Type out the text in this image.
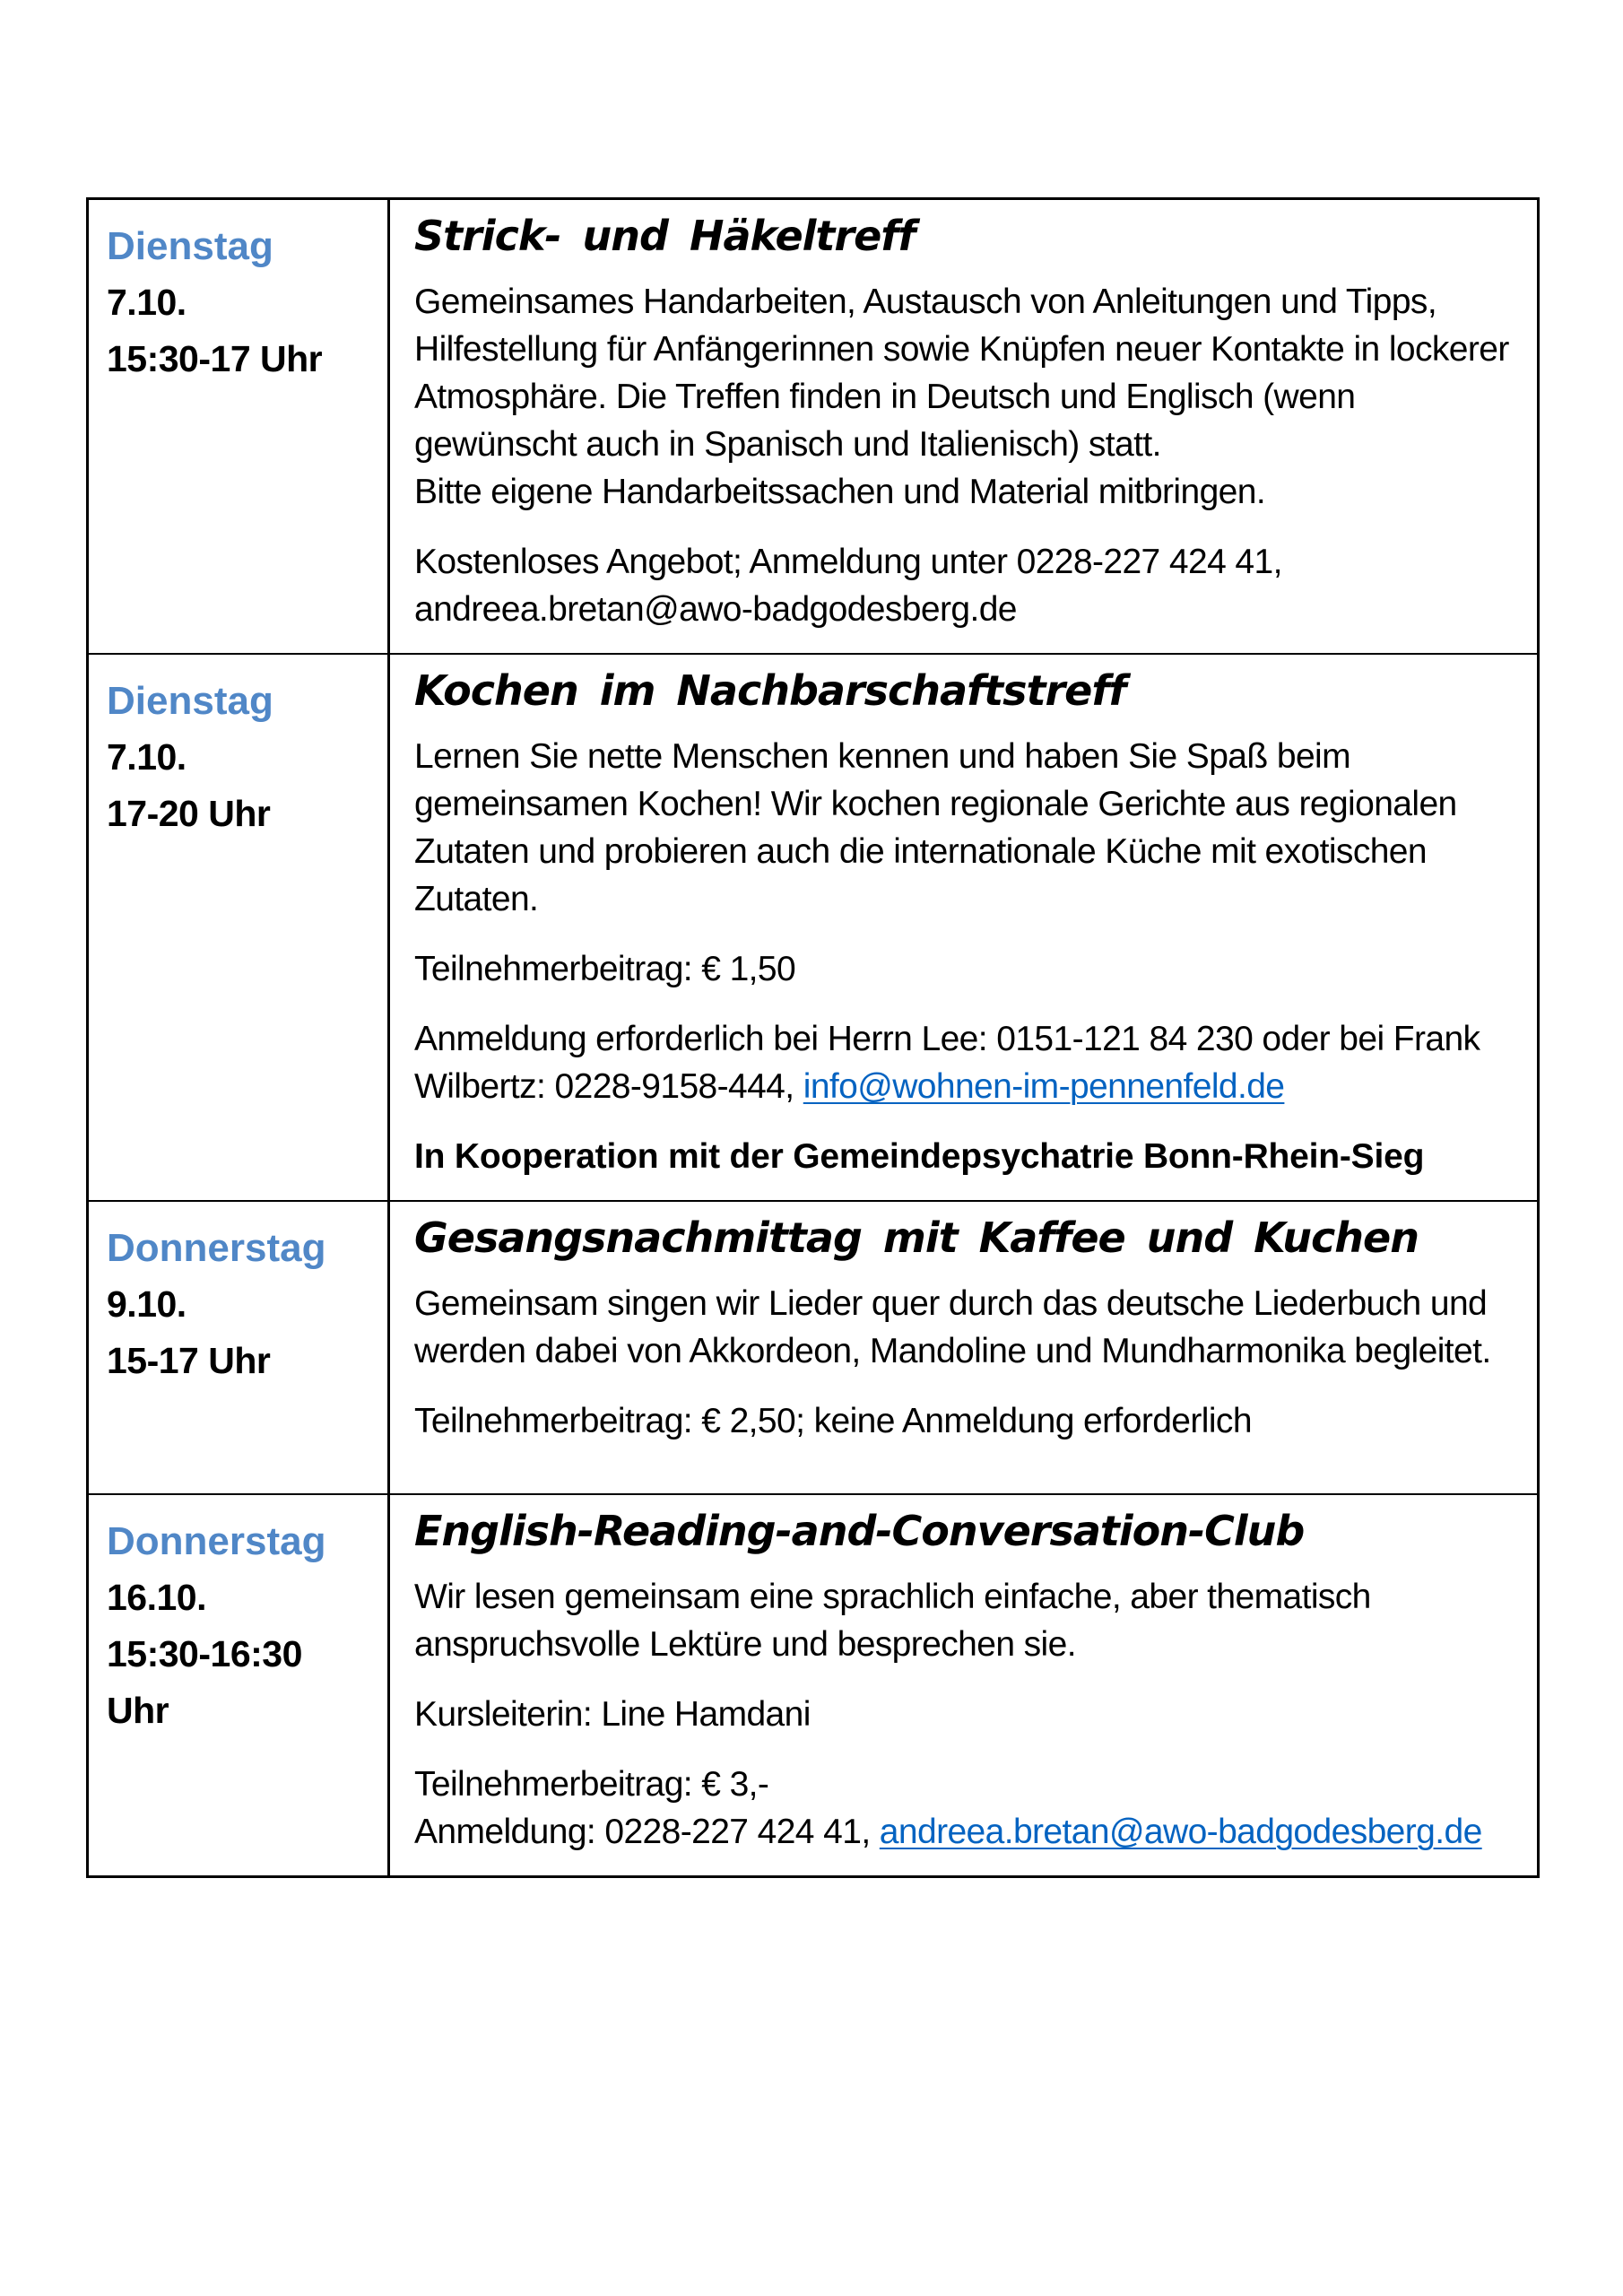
Dienstag
7.10.
15:30-17 Uhr
Strick- und Häkeltreff

Gemeinsames Handarbeiten, Austausch von Anleitungen und Tipps, Hilfestellung für Anfängerinnen sowie Knüpfen neuer Kontakte in lockerer Atmosphäre. Die Treffen finden in Deutsch und Englisch (wenn gewünscht auch in Spanisch und Italienisch) statt.

Bitte eigene Handarbeitssachen und Material mitbringen.

Kostenloses Angebot; Anmeldung unter 0228-227 424 41,

andreea.bretan@awo-badgodesberg.de

Dienstag
7.10.
17-20 Uhr
Kochen im Nachbarschaftstreff

Lernen Sie nette Menschen kennen und haben Sie Spaß beim gemeinsamen Kochen! Wir kochen regionale Gerichte aus regionalen Zutaten und probieren auch die internationale Küche mit exotischen Zutaten.

Teilnehmerbeitrag: € 1,50

Anmeldung erforderlich bei Herrn Lee: 0151-121 84 230 oder bei Frank Wilbertz: 0228-9158-444, info@wohnen-im-pennenfeld.de

In Kooperation mit der Gemeindepsychatrie Bonn-Rhein-Sieg

Donnerstag
9.10.
15-17 Uhr
Gesangsnachmittag mit Kaffee und Kuchen

Gemeinsam singen wir Lieder quer durch das deutsche Liederbuch und werden dabei von Akkordeon, Mandoline und Mundharmonika begleitet.

Teilnehmerbeitrag: € 2,50; keine Anmeldung erforderlich

Donnerstag
16.10.
15:30-16:30 Uhr
English-Reading-and-Conversation-Club

Wir lesen gemeinsam eine sprachlich einfache, aber thematisch anspruchsvolle Lektüre und besprechen sie.

Kursleiterin: Line Hamdani

Teilnehmerbeitrag: € 3,-

Anmeldung: 0228-227 424 41, andreea.bretan@awo-badgodesberg.de
